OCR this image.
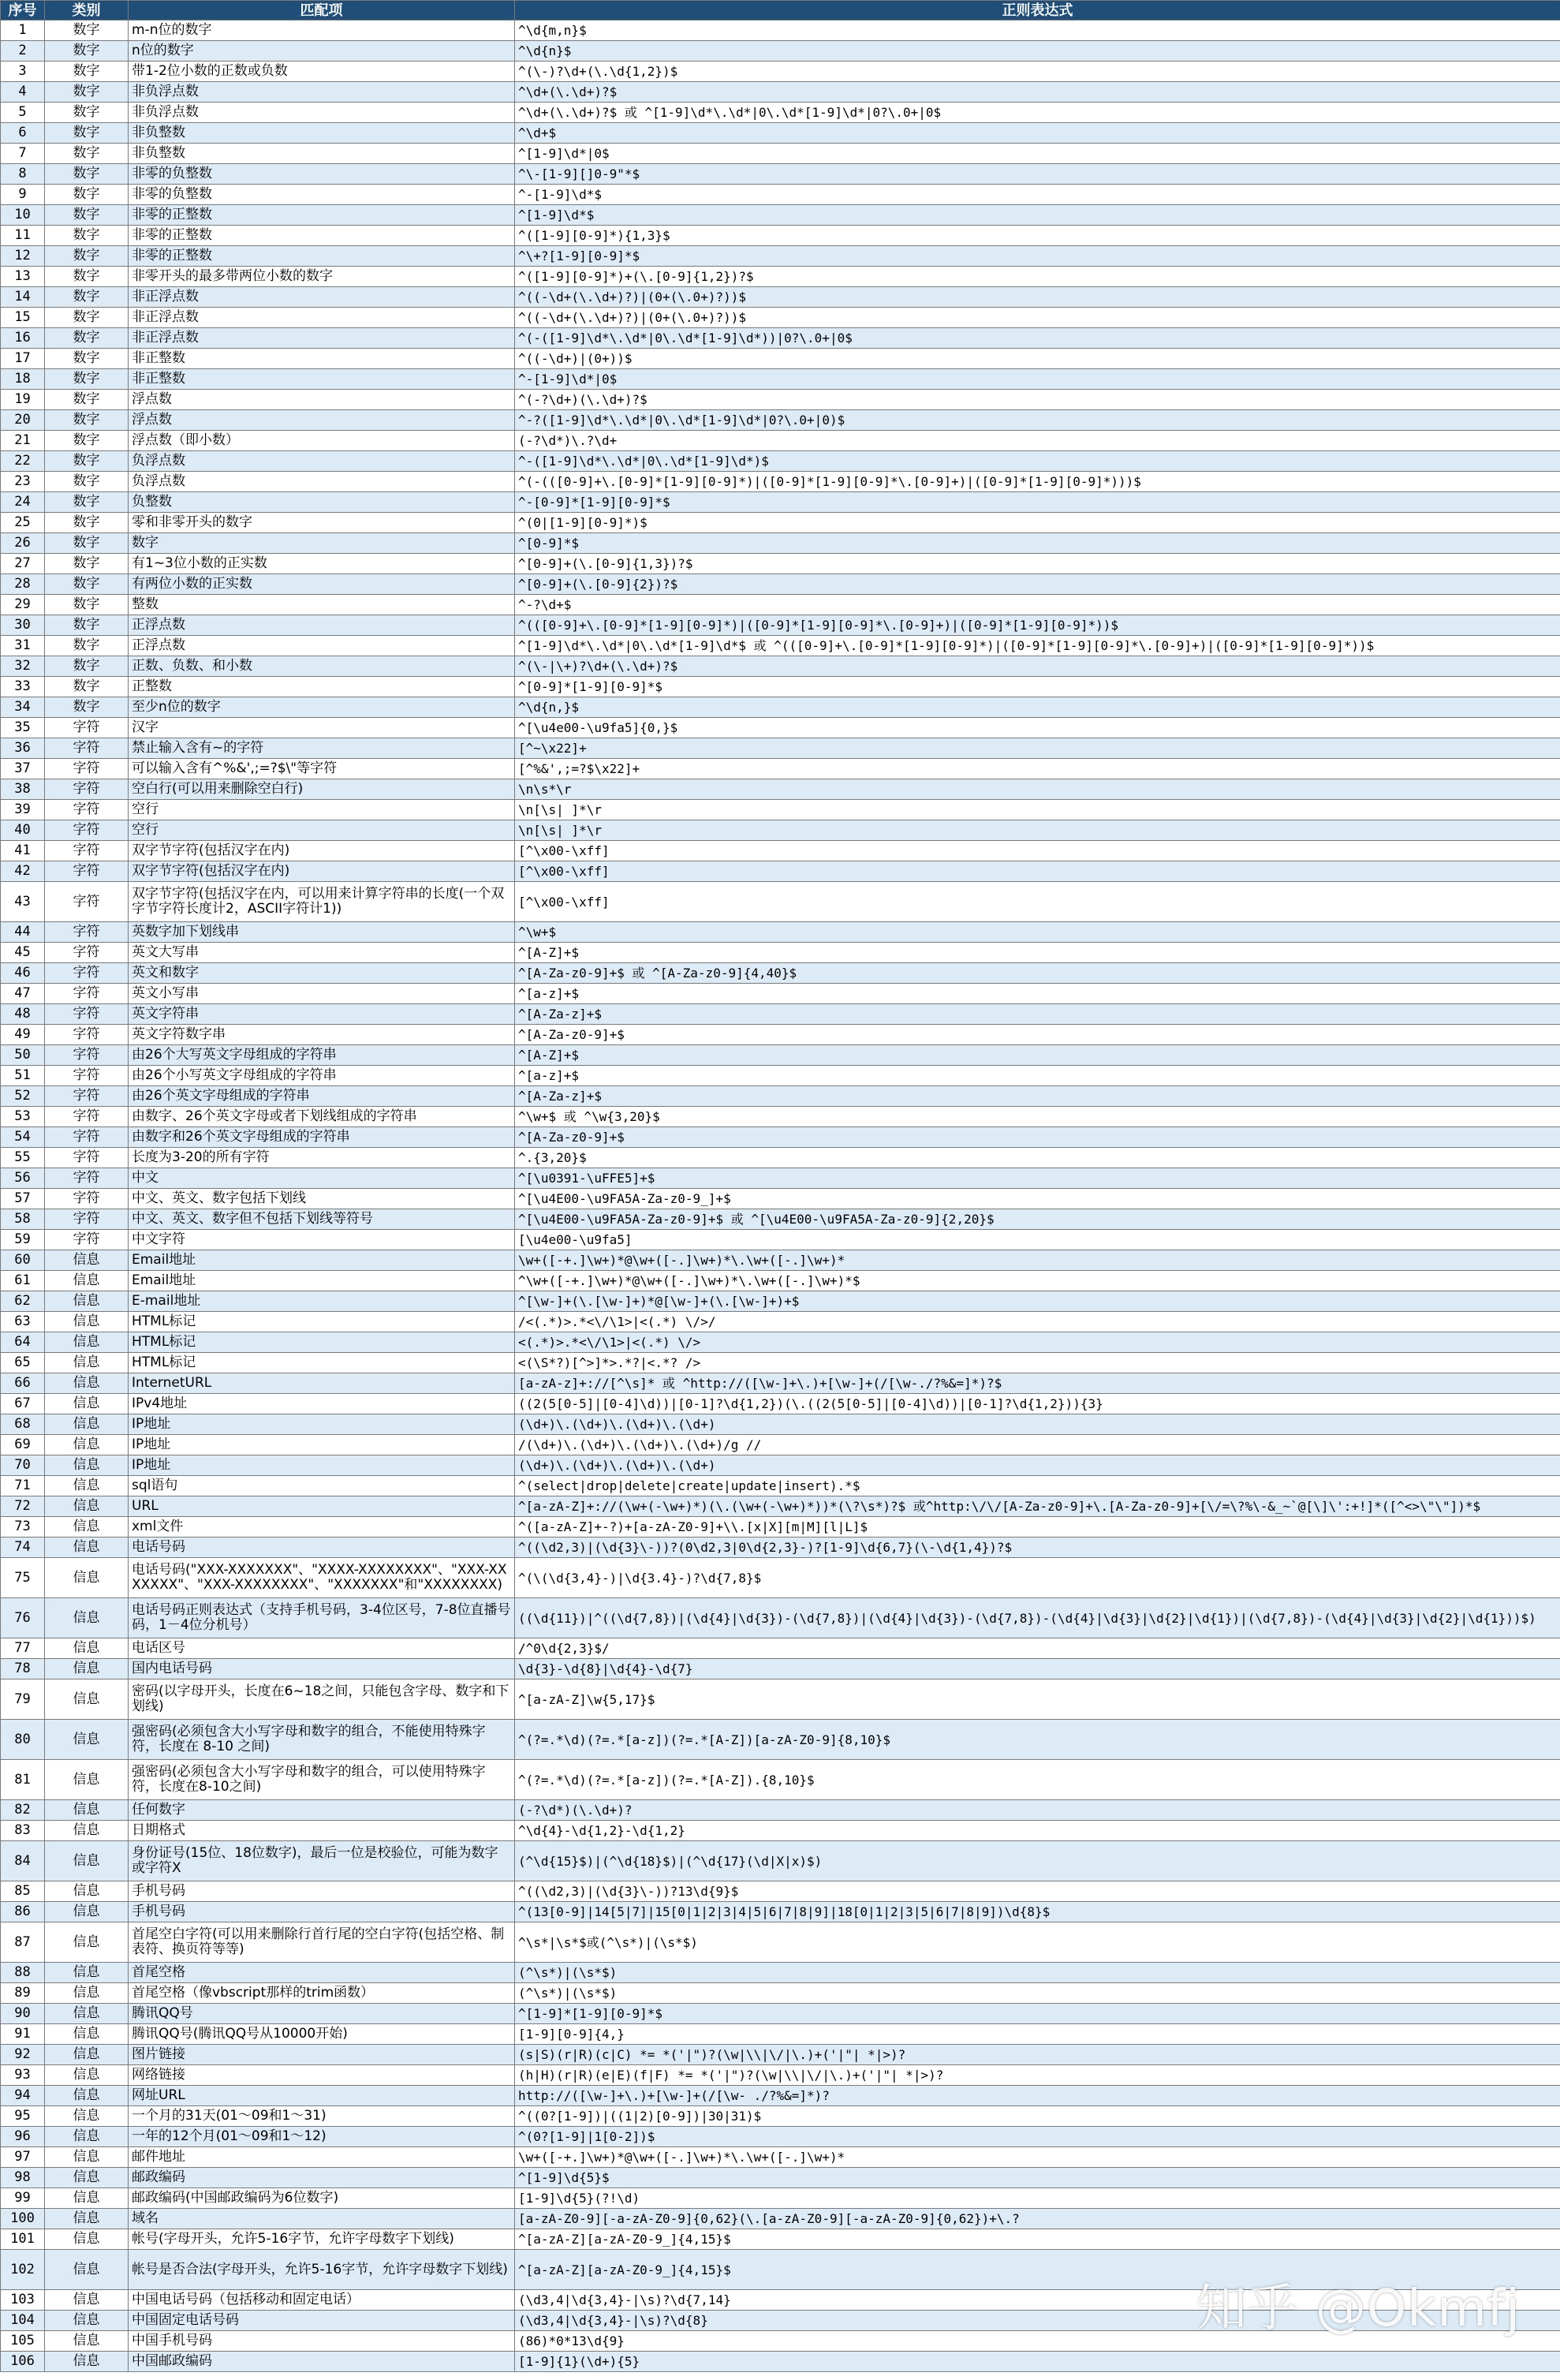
序号	类别	匹配项	正则表达式
1	数字	m-n位的数字	^\d{m,n}$
2	数字	n位的数字	^\d{n}$
3	数字	带1-2位小数的正数或负数	^(\-)?\d+(\.\d{1,2})$
4	数字	非负浮点数	^\d+(\.\d+)?$
5	数字	非负浮点数	^\d+(\.\d+)?$ 或 ^[1-9]\d*\.\d*|0\.\d*[1-9]\d*|0?\.0+|0$
6	数字	非负整数	^\d+$
7	数字	非负整数	^[1-9]\d*|0$
8	数字	非零的负整数	^\-[1-9][]0-9"*$
9	数字	非零的负整数	^-[1-9]\d*$
10	数字	非零的正整数	^[1-9]\d*$
11	数字	非零的正整数	^([1-9][0-9]*){1,3}$
12	数字	非零的正整数	^\+?[1-9][0-9]*$
13	数字	非零开头的最多带两位小数的数字	^([1-9][0-9]*)+(\.[0-9]{1,2})?$
14	数字	非正浮点数	^((-\d+(\.\d+)?)|(0+(\.0+)?))$
15	数字	非正浮点数	^((-\d+(\.\d+)?)|(0+(\.0+)?))$
16	数字	非正浮点数	^(-([1-9]\d*\.\d*|0\.\d*[1-9]\d*))|0?\.0+|0$
17	数字	非正整数	^((-\d+)|(0+))$
18	数字	非正整数	^-[1-9]\d*|0$
19	数字	浮点数	^(-?\d+)(\.\d+)?$
20	数字	浮点数	^-?([1-9]\d*\.\d*|0\.\d*[1-9]\d*|0?\.0+|0)$
21	数字	浮点数（即小数）	(-?\d*)\.?\d+
22	数字	负浮点数	^-([1-9]\d*\.\d*|0\.\d*[1-9]\d*)$
23	数字	负浮点数	^(-(([0-9]+\.[0-9]*[1-9][0-9]*)|([0-9]*[1-9][0-9]*\.[0-9]+)|([0-9]*[1-9][0-9]*)))$
24	数字	负整数	^-[0-9]*[1-9][0-9]*$
25	数字	零和非零开头的数字	^(0|[1-9][0-9]*)$
26	数字	数字	^[0-9]*$
27	数字	有1~3位小数的正实数	^[0-9]+(\.[0-9]{1,3})?$
28	数字	有两位小数的正实数	^[0-9]+(\.[0-9]{2})?$
29	数字	整数	^-?\d+$
30	数字	正浮点数	^(([0-9]+\.[0-9]*[1-9][0-9]*)|([0-9]*[1-9][0-9]*\.[0-9]+)|([0-9]*[1-9][0-9]*))$
31	数字	正浮点数	^[1-9]\d*\.\d*|0\.\d*[1-9]\d*$ 或 ^(([0-9]+\.[0-9]*[1-9][0-9]*)|([0-9]*[1-9][0-9]*\.[0-9]+)|([0-9]*[1-9][0-9]*))$
32	数字	正数、负数、和小数	^(\-|\+)?\d+(\.\d+)?$
33	数字	正整数	^[0-9]*[1-9][0-9]*$
34	数字	至少n位的数字	^\d{n,}$
35	字符	汉字	^[\u4e00-\u9fa5]{0,}$
36	字符	禁止输入含有~的字符	[^~\x22]+
37	字符	可以输入含有^%&',;=?$\"等字符	[^%&',;=?$\x22]+
38	字符	空白行(可以用来删除空白行)	\n\s*\r
39	字符	空行	\n[\s| ]*\r
40	字符	空行	\n[\s| ]*\r
41	字符	双字节字符(包括汉字在内)	[^\x00-\xff]
42	字符	双字节字符(包括汉字在内)	[^\x00-\xff]
43	字符	双字节字符(包括汉字在内，可以用来计算字符串的长度(一个双字节字符长度计2，ASCII字符计1))	[^\x00-\xff]
44	字符	英数字加下划线串	^\w+$
45	字符	英文大写串	^[A-Z]+$
46	字符	英文和数字	^[A-Za-z0-9]+$ 或 ^[A-Za-z0-9]{4,40}$
47	字符	英文小写串	^[a-z]+$
48	字符	英文字符串	^[A-Za-z]+$
49	字符	英文字符数字串	^[A-Za-z0-9]+$
50	字符	由26个大写英文字母组成的字符串	^[A-Z]+$
51	字符	由26个小写英文字母组成的字符串	^[a-z]+$
52	字符	由26个英文字母组成的字符串	^[A-Za-z]+$
53	字符	由数字、26个英文字母或者下划线组成的字符串	^\w+$ 或 ^\w{3,20}$
54	字符	由数字和26个英文字母组成的字符串	^[A-Za-z0-9]+$
55	字符	长度为3-20的所有字符	^.{3,20}$
56	字符	中文	^[\u0391-\uFFE5]+$
57	字符	中文、英文、数字包括下划线	^[\u4E00-\u9FA5A-Za-z0-9_]+$
58	字符	中文、英文、数字但不包括下划线等符号	^[\u4E00-\u9FA5A-Za-z0-9]+$ 或 ^[\u4E00-\u9FA5A-Za-z0-9]{2,20}$
59	字符	中文字符	[\u4e00-\u9fa5]
60	信息	Email地址	\w+([-+.]\w+)*@\w+([-.]\w+)*\.\w+([-.]\w+)*
61	信息	Email地址	^\w+([-+.]\w+)*@\w+([-.]\w+)*\.\w+([-.]\w+)*$
62	信息	E-mail地址	^[\w-]+(\.[\w-]+)*@[\w-]+(\.[\w-]+)+$
63	信息	HTML标记	/<(.*)>.*<\/\1>|<(.*) \/>/
64	信息	HTML标记	<(.*)>.*<\/\1>|<(.*) \/>
65	信息	HTML标记	<(\S*?)[^>]*>.*?|<.*? />
66	信息	InternetURL	[a-zA-z]+://[^\s]* 或 ^http://([\w-]+\.)+[\w-]+(/[\w-./?%&=]*)?$
67	信息	IPv4地址	((2(5[0-5]|[0-4]\d))|[0-1]?\d{1,2})(\.((2(5[0-5]|[0-4]\d))|[0-1]?\d{1,2})){3}
68	信息	IP地址	(\d+)\.(\d+)\.(\d+)\.(\d+)
69	信息	IP地址	/(\d+)\.(\d+)\.(\d+)\.(\d+)/g //
70	信息	IP地址	(\d+)\.(\d+)\.(\d+)\.(\d+)
71	信息	sql语句	^(select|drop|delete|create|update|insert).*$
72	信息	URL	^[a-zA-Z]+://(\w+(-\w+)*)(\.(\w+(-\w+)*))*(\?\s*)?$ 或^http:\/\/[A-Za-z0-9]+\.[A-Za-z0-9]+[\/=\?%\-&_~`@[\]\':+!]*([^<>\"\"])*$
73	信息	xml文件	^([a-zA-Z]+-?)+[a-zA-Z0-9]+\\.[x|X][m|M][l|L]$
74	信息	电话号码	^((\d2,3)|(\d{3}\-))?(0\d2,3|0\d{2,3}-)?[1-9]\d{6,7}(\-\d{1,4})?$
75	信息	电话号码("XXX-XXXXXXX"、"XXXX-XXXXXXXX"、"XXX-XXXXXXX"、"XXX-XXXXXXXX"、"XXXXXXX"和"XXXXXXXX)	^(\(\d{3,4}-)|\d{3.4}-)?\d{7,8}$
76	信息	电话号码正则表达式（支持手机号码，3-4位区号，7-8位直播号码，1－4位分机号）	((\d{11})|^((\d{7,8})|(\d{4}|\d{3})-(\d{7,8})|(\d{4}|\d{3})-(\d{7,8})-(\d{4}|\d{3}|\d{2}|\d{1})|(\d{7,8})-(\d{4}|\d{3}|\d{2}|\d{1}))$)
77	信息	电话区号	/^0\d{2,3}$/
78	信息	国内电话号码	\d{3}-\d{8}|\d{4}-\d{7}
79	信息	密码(以字母开头，长度在6~18之间，只能包含字母、数字和下划线)	^[a-zA-Z]\w{5,17}$
80	信息	强密码(必须包含大小写字母和数字的组合，不能使用特殊字符，长度在 8-10 之间)	^(?=.*\d)(?=.*[a-z])(?=.*[A-Z])[a-zA-Z0-9]{8,10}$
81	信息	强密码(必须包含大小写字母和数字的组合，可以使用特殊字符，长度在8-10之间)	^(?=.*\d)(?=.*[a-z])(?=.*[A-Z]).{8,10}$
82	信息	任何数字	(-?\d*)(\.\d+)?
83	信息	日期格式	^\d{4}-\d{1,2}-\d{1,2}
84	信息	身份证号(15位、18位数字)，最后一位是校验位，可能为数字或字符X	(^\d{15}$)|(^\d{18}$)|(^\d{17}(\d|X|x)$)
85	信息	手机号码	^((\d2,3)|(\d{3}\-))?13\d{9}$
86	信息	手机号码	^(13[0-9]|14[5|7]|15[0|1|2|3|4|5|6|7|8|9]|18[0|1|2|3|5|6|7|8|9])\d{8}$
87	信息	首尾空白字符(可以用来删除行首行尾的空白字符(包括空格、制表符、换页符等等)	^\s*|\s*$或(^\s*)|(\s*$)
88	信息	首尾空格	(^\s*)|(\s*$)
89	信息	首尾空格（像vbscript那样的trim函数）	(^\s*)|(\s*$)
90	信息	腾讯QQ号	^[1-9]*[1-9][0-9]*$
91	信息	腾讯QQ号(腾讯QQ号从10000开始)	[1-9][0-9]{4,}
92	信息	图片链接	(s|S)(r|R)(c|C) *= *('|")?(\w|\\|\/|\.)+('|"| *|>)?
93	信息	网络链接	(h|H)(r|R)(e|E)(f|F) *= *('|")?(\w|\\|\/|\.)+('|"| *|>)?
94	信息	网址URL	http://([\w-]+\.)+[\w-]+(/[\w- ./?%&=]*)?
95	信息	一个月的31天(01～09和1～31)	^((0?[1-9])|((1|2)[0-9])|30|31)$
96	信息	一年的12个月(01～09和1～12)	^(0?[1-9]|1[0-2])$
97	信息	邮件地址	\w+([-+.]\w+)*@\w+([-.]\w+)*\.\w+([-.]\w+)*
98	信息	邮政编码	^[1-9]\d{5}$
99	信息	邮政编码(中国邮政编码为6位数字)	[1-9]\d{5}(?!\d)
100	信息	域名	[a-zA-Z0-9][-a-zA-Z0-9]{0,62}(\.[a-zA-Z0-9][-a-zA-Z0-9]{0,62})+\.?
101	信息	帐号(字母开头，允许5-16字节，允许字母数字下划线)	^[a-zA-Z][a-zA-Z0-9_]{4,15}$
102	信息	帐号是否合法(字母开头，允许5-16字节，允许字母数字下划线)	^[a-zA-Z][a-zA-Z0-9_]{4,15}$
103	信息	中国电话号码（包括移动和固定电话）	(\d3,4|\d{3,4}-|\s)?\d{7,14}
104	信息	中国固定电话号码	(\d3,4|\d{3,4}-|\s)?\d{8}
105	信息	中国手机号码	(86)*0*13\d{9}
106	信息	中国邮政编码	[1-9]{1}(\d+){5}
知乎 @Okmfj
